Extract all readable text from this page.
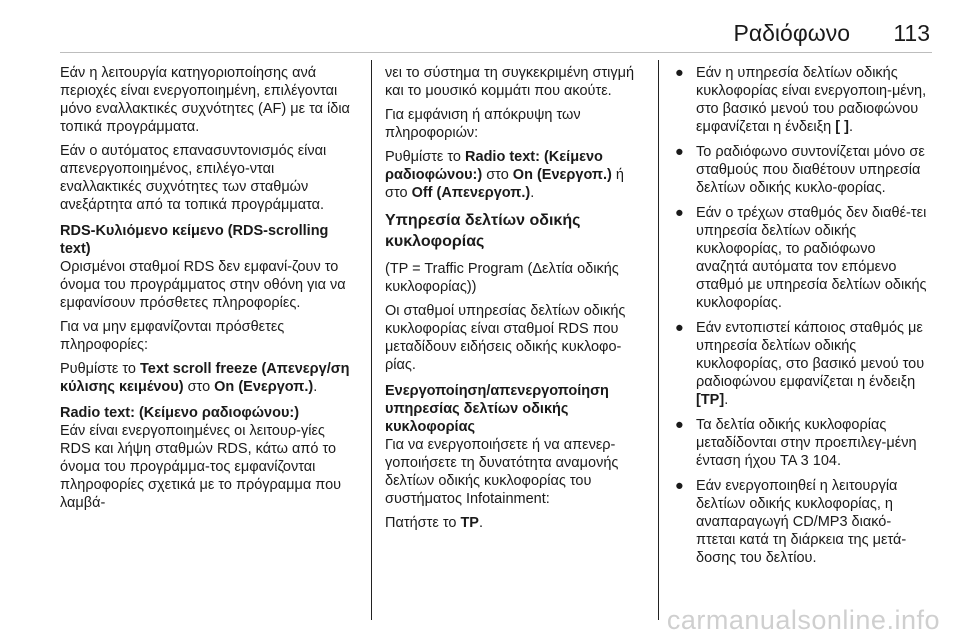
Ραδιόφωνο 113

Εάν η λειτουργία κατηγοριοποίησης ανά περιοχές είναι ενεργοποιημένη, επιλέγονται μόνο εναλλακτικές συχνότητες (AF) με τα ίδια τοπικά προγράμματα.

Εάν ο αυτόματος επανασυντονισμός είναι απενεργοποιημένος, επιλέγο-νται εναλλακτικές συχνότητες των σταθμών ανεξάρτητα από τα τοπικά προγράμματα.

RDS-Κυλιόμενο κείμενο (RDS-scrolling text)

Ορισμένοι σταθμοί RDS δεν εμφανί-ζουν το όνομα του προγράμματος στην οθόνη για να εμφανίσουν πρόσθετες πληροφορίες.

Για να μην εμφανίζονται πρόσθετες πληροφορίες:

Ρυθμίστε το Text scroll freeze (Απενεργ/ση κύλισης κειμένου) στο On (Ενεργοπ.).

Radio text: (Κείμενο ραδιοφώνου:)

Εάν είναι ενεργοποιημένες οι λειτουρ-γίες RDS και λήψη σταθμών RDS, κάτω από το όνομα του προγράμμα-τος εμφανίζονται πληροφορίες σχετικά με το πρόγραμμα που λαμβά-

νει το σύστημα τη συγκεκριμένη στιγμή και το μουσικό κομμάτι που ακούτε.

Για εμφάνιση ή απόκρυψη των πληροφοριών:

Ρυθμίστε το Radio text: (Κείμενο ραδιοφώνου:) στο On (Ενεργοπ.) ή στο Off (Απενεργοπ.).

Υπηρεσία δελτίων οδικής κυκλοφορίας

(TP = Traffic Program (Δελτία οδικής κυκλοφορίας))

Οι σταθμοί υπηρεσίας δελτίων οδικής κυκλοφορίας είναι σταθμοί RDS που μεταδίδουν ειδήσεις οδικής κυκλοφο-ρίας.

Ενεργοποίηση/απενεργοποίηση υπηρεσίας δελτίων οδικής κυκλοφορίας

Για να ενεργοποιήσετε ή να απενερ-γοποιήσετε τη δυνατότητα αναμονής δελτίων οδικής κυκλοφορίας του συστήματος Infotainment:

Πατήστε το TP.

● Εάν η υπηρεσία δελτίων οδικής κυκλοφορίας είναι ενεργοποιη-μένη, στο βασικό μενού του ραδιοφώνου εμφανίζεται η ένδειξη [ ].
● Το ραδιόφωνο συντονίζεται μόνο σε σταθμούς που διαθέτουν υπηρεσία δελτίων οδικής κυκλο-φορίας.
● Εάν ο τρέχων σταθμός δεν διαθέ-τει υπηρεσία δελτίων οδικής κυκλοφορίας, το ραδιόφωνο αναζητά αυτόματα τον επόμενο σταθμό με υπηρεσία δελτίων οδικής κυκλοφορίας.
● Εάν εντοπιστεί κάποιος σταθμός με υπηρεσία δελτίων οδικής κυκλοφορίας, στο βασικό μενού του ραδιοφώνου εμφανίζεται η ένδειξη [TP].
● Τα δελτία οδικής κυκλοφορίας μεταδίδονται στην προεπιλεγ-μένη ένταση ήχου TA 3 104.
● Εάν ενεργοποιηθεί η λειτουργία δελτίων οδικής κυκλοφορίας, η αναπαραγωγή CD/MP3 διακό-πτεται κατά τη διάρκεια της μετά-δοσης του δελτίου.
carmanualsonline.info
